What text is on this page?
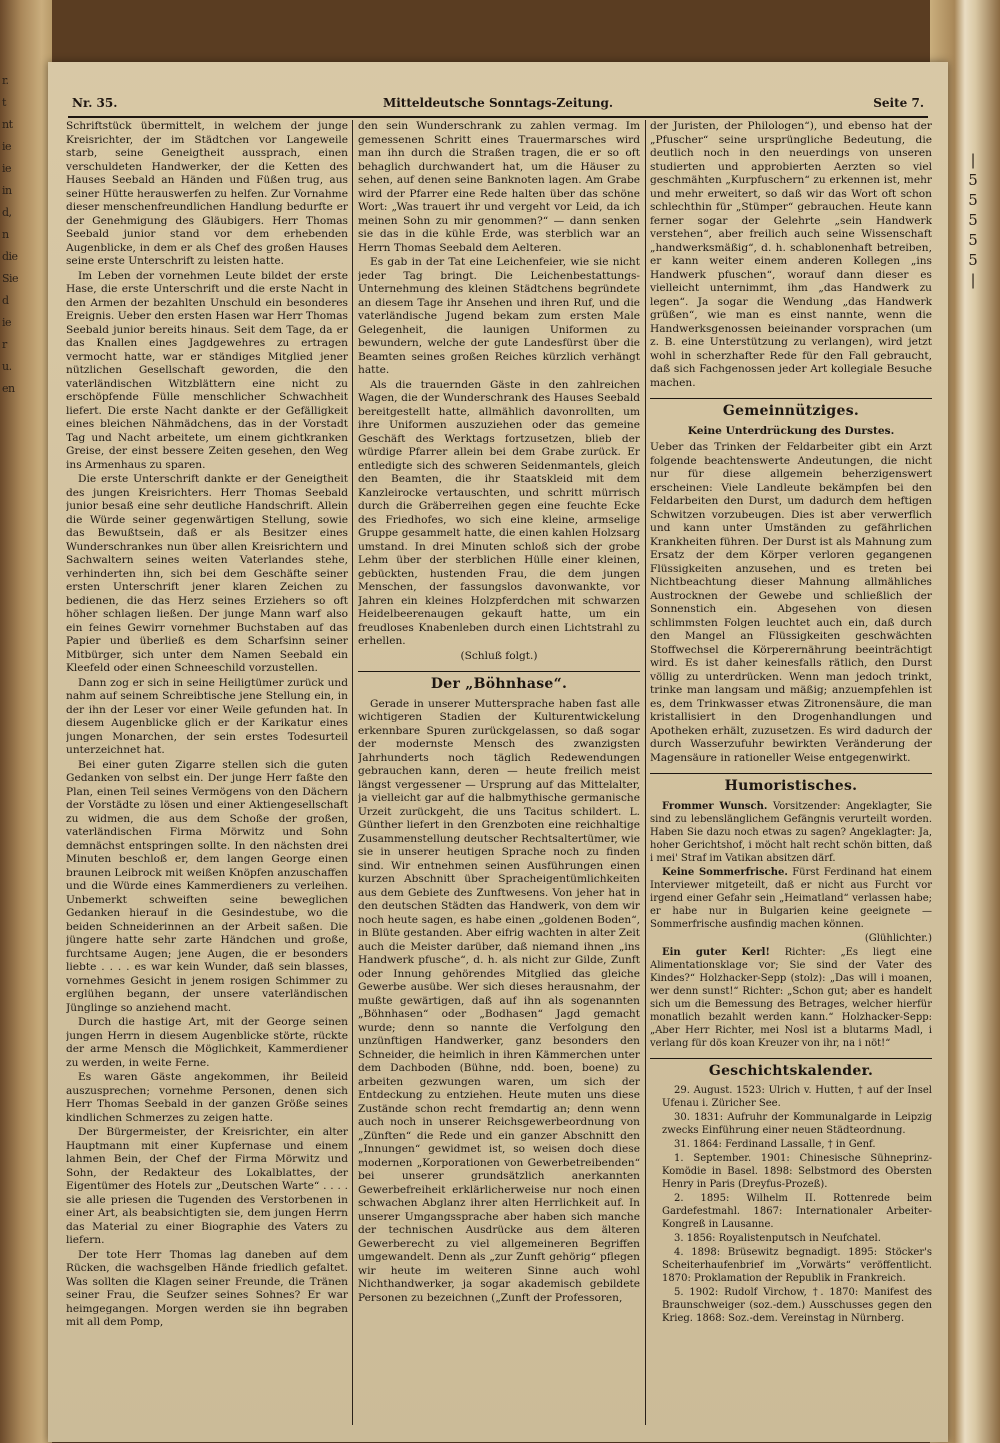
r.
t
nt
ie
ie
in
d,
n
die
Sie
d
ie
r
u.
en

|
5
5
5
5
5
|
Nr. 35.	Mitteldeutsche Sonntags-Zeitung.	Seite 7.

Schriftstück übermittelt, in welchem der junge Kreisrichter, der im Städtchen vor Langeweile starb, seine Geneigtheit aussprach, einen verschuldeten Handwerker, der die Ketten des Hauses Seebald an Händen und Füßen trug, aus seiner Hütte herauswerfen zu helfen. Zur Vornahme dieser menschenfreundlichen Handlung bedurfte er der Genehmigung des Gläubigers. Herr Thomas Seebald junior stand vor dem erhebenden Augenblicke, in dem er als Chef des großen Hauses seine erste Unterschrift zu leisten hatte.

Im Leben der vornehmen Leute bildet der erste Hase, die erste Unterschrift und die erste Nacht in den Armen der bezahlten Unschuld ein besonderes Ereignis. Ueber den ersten Hasen war Herr Thomas Seebald junior bereits hinaus. Seit dem Tage, da er das Knallen eines Jagdgewehres zu ertragen vermocht hatte, war er ständiges Mitglied jener nützlichen Gesellschaft geworden, die den vaterländischen Witzblättern eine nicht zu erschöpfende Fülle menschlicher Schwachheit liefert. Die erste Nacht dankte er der Gefälligkeit eines bleichen Nähmädchens, das in der Vorstadt Tag und Nacht arbeitete, um einem gichtkranken Greise, der einst bessere Zeiten gesehen, den Weg ins Armenhaus zu sparen.

Die erste Unterschrift dankte er der Geneigtheit des jungen Kreisrichters. Herr Thomas Seebald junior besaß eine sehr deutliche Handschrift. Allein die Würde seiner gegenwärtigen Stellung, sowie das Bewußtsein, daß er als Besitzer eines Wunderschrankes nun über allen Kreisrichtern und Sachwaltern seines weiten Vaterlandes stehe, verhinderten ihn, sich bei dem Geschäfte seiner ersten Unterschrift jener klaren Zeichen zu bedienen, die das Herz seines Erziehers so oft höher schlagen ließen. Der junge Mann warf also ein feines Gewirr vornehmer Buchstaben auf das Papier und überließ es dem Scharfsinn seiner Mitbürger, sich unter dem Namen Seebald ein Kleefeld oder einen Schneeschild vorzustellen.

Dann zog er sich in seine Heiligtümer zurück und nahm auf seinem Schreibtische jene Stellung ein, in der ihn der Leser vor einer Weile gefunden hat. In diesem Augenblicke glich er der Karikatur eines jungen Monarchen, der sein erstes Todesurteil unterzeichnet hat.

Bei einer guten Zigarre stellen sich die guten Gedanken von selbst ein. Der junge Herr faßte den Plan, einen Teil seines Vermögens von den Dächern der Vorstädte zu lösen und einer Aktiengesellschaft zu widmen, die aus dem Schoße der großen, vaterländischen Firma Mörwitz und Sohn demnächst entspringen sollte. In den nächsten drei Minuten beschloß er, dem langen George einen braunen Leibrock mit weißen Knöpfen anzuschaffen und die Würde eines Kammerdieners zu verleihen. Unbemerkt schweiften seine beweglichen Gedanken hierauf in die Gesindestube, wo die beiden Schneiderinnen an der Arbeit saßen. Die jüngere hatte sehr zarte Händchen und große, furchtsame Augen; jene Augen, die er besonders liebte . . . . es war kein Wunder, daß sein blasses, vornehmes Gesicht in jenem rosigen Schimmer zu erglühen begann, der unsere vaterländischen Jünglinge so anziehend macht.

Durch die hastige Art, mit der George seinen jungen Herrn in diesem Augenblicke störte, rückte der arme Mensch die Möglichkeit, Kammerdiener zu werden, in weite Ferne.

Es waren Gäste angekommen, ihr Beileid auszusprechen; vornehme Personen, denen sich Herr Thomas Seebald in der ganzen Größe seines kindlichen Schmerzes zu zeigen hatte.

Der Bürgermeister, der Kreisrichter, ein alter Hauptmann mit einer Kupfernase und einem lahmen Bein, der Chef der Firma Mörwitz und Sohn, der Redakteur des Lokalblattes, der Eigentümer des Hotels zur „Deutschen Warte“ . . . . sie alle priesen die Tugenden des Verstorbenen in einer Art, als beabsichtigten sie, dem jungen Herrn das Material zu einer Biographie des Vaters zu liefern.

Der tote Herr Thomas lag daneben auf dem Rücken, die wachsgelben Hände friedlich gefaltet. Was sollten die Klagen seiner Freunde, die Tränen seiner Frau, die Seufzer seines Sohnes? Er war heimgegangen. Morgen werden sie ihn begraben mit all dem Pomp,

den sein Wunderschrank zu zahlen vermag. Im gemessenen Schritt eines Trauermarsches wird man ihn durch die Straßen tragen, die er so oft behaglich durchwandert hat, um die Häuser zu sehen, auf denen seine Banknoten lagen. Am Grabe wird der Pfarrer eine Rede halten über das schöne Wort: „Was trauert ihr und vergeht vor Leid, da ich meinen Sohn zu mir genommen?“ — dann senken sie das in die kühle Erde, was sterblich war an Herrn Thomas Seebald dem Aelteren.

Es gab in der Tat eine Leichenfeier, wie sie nicht jeder Tag bringt. Die Leichenbestattungs-Unternehmung des kleinen Städtchens begründete an diesem Tage ihr Ansehen und ihren Ruf, und die vaterländische Jugend bekam zum ersten Male Gelegenheit, die launigen Uniformen zu bewundern, welche der gute Landesfürst über die Beamten seines großen Reiches kürzlich verhängt hatte.

Als die trauernden Gäste in den zahlreichen Wagen, die der Wunderschrank des Hauses Seebald bereitgestellt hatte, allmählich davonrollten, um ihre Uniformen auszuziehen oder das gemeine Geschäft des Werktags fortzusetzen, blieb der würdige Pfarrer allein bei dem Grabe zurück. Er entledigte sich des schweren Seidenmantels, gleich den Beamten, die ihr Staatskleid mit dem Kanzleirocke vertauschten, und schritt mürrisch durch die Gräberreihen gegen eine feuchte Ecke des Friedhofes, wo sich eine kleine, armselige Gruppe gesammelt hatte, die einen kahlen Holzsarg umstand. In drei Minuten schloß sich der grobe Lehm über der sterblichen Hülle einer kleinen, gebückten, hustenden Frau, die dem jungen Menschen, der fassungslos davonwankte, vor Jahren ein kleines Holzpferdchen mit schwarzen Heidelbeerenaugen gekauft hatte, um ein freudloses Knabenleben durch einen Lichtstrahl zu erhellen.

(Schluß folgt.)

Der „Böhnhase“.

Gerade in unserer Muttersprache haben fast alle wichtigeren Stadien der Kulturentwickelung erkennbare Spuren zurückgelassen, so daß sogar der modernste Mensch des zwanzigsten Jahrhunderts noch täglich Redewendungen gebrauchen kann, deren — heute freilich meist längst vergessener — Ursprung auf das Mittelalter, ja vielleicht gar auf die halbmythische germanische Urzeit zurückgeht, die uns Tacitus schildert. L. Günther liefert in den Grenzboten eine reichhaltige Zusammenstellung deutscher Rechtsaltertümer, wie sie in unserer heutigen Sprache noch zu finden sind. Wir entnehmen seinen Ausführungen einen kurzen Abschnitt über Spracheigentümlichkeiten aus dem Gebiete des Zunftwesens. Von jeher hat in den deutschen Städten das Handwerk, von dem wir noch heute sagen, es habe einen „goldenen Boden“, in Blüte gestanden. Aber eifrig wachten in alter Zeit auch die Meister darüber, daß niemand ihnen „ins Handwerk pfusche“, d. h. als nicht zur Gilde, Zunft oder Innung gehörendes Mitglied das gleiche Gewerbe ausübe. Wer sich dieses herausnahm, der mußte gewärtigen, daß auf ihn als sogenannten „Böhnhasen“ oder „Bodhasen“ Jagd gemacht wurde; denn so nannte die Verfolgung den unzünftigen Handwerker, ganz besonders den Schneider, die heimlich in ihren Kämmerchen unter dem Dachboden (Bühne, ndd. boen, boene) zu arbeiten gezwungen waren, um sich der Entdeckung zu entziehen. Heute muten uns diese Zustände schon recht fremdartig an; denn wenn auch noch in unserer Reichsgewerbeordnung von „Zünften“ die Rede und ein ganzer Abschnitt den „Innungen“ gewidmet ist, so weisen doch diese modernen „Korporationen von Gewerbetreibenden“ bei unserer grundsätzlich anerkannten Gewerbefreiheit erklärlicherweise nur noch einen schwachen Abglanz ihrer alten Herrlichkeit auf. In unserer Umgangssprache aber haben sich manche der technischen Ausdrücke aus dem älteren Gewerberecht zu viel allgemeineren Begriffen umgewandelt. Denn als „zur Zunft gehörig“ pflegen wir heute im weiteren Sinne auch wohl Nichthandwerker, ja sogar akademisch gebildete Personen zu bezeichnen („Zunft der Professoren,

der Juristen, der Philologen“), und ebenso hat der „Pfuscher“ seine ursprüngliche Bedeutung, die deutlich noch in den neuerdings von unseren studierten und approbierten Aerzten so viel geschmähten „Kurpfuschern“ zu erkennen ist, mehr und mehr erweitert, so daß wir das Wort oft schon schlechthin für „Stümper“ gebrauchen. Heute kann ferner sogar der Gelehrte „sein Handwerk verstehen“, aber freilich auch seine Wissenschaft „handwerksmäßig“, d. h. schablonenhaft betreiben, er kann weiter einem anderen Kollegen „ins Handwerk pfuschen“, worauf dann dieser es vielleicht unternimmt, ihm „das Handwerk zu legen“. Ja sogar die Wendung „das Handwerk grüßen“, wie man es einst nannte, wenn die Handwerksgenossen beieinander vorsprachen (um z. B. eine Unterstützung zu verlangen), wird jetzt wohl in scherzhafter Rede für den Fall gebraucht, daß sich Fachgenossen jeder Art kollegiale Besuche machen.

Gemeinnütziges.
Keine Unterdrückung des Durstes.

Ueber das Trinken der Feldarbeiter gibt ein Arzt folgende beachtenswerte Andeutungen, die nicht nur für diese allgemein beherzigenswert erscheinen: Viele Landleute bekämpfen bei den Feldarbeiten den Durst, um dadurch dem heftigen Schwitzen vorzubeugen. Dies ist aber verwerflich und kann unter Umständen zu gefährlichen Krankheiten führen. Der Durst ist als Mahnung zum Ersatz der dem Körper verloren gegangenen Flüssigkeiten anzusehen, und es treten bei Nichtbeachtung dieser Mahnung allmähliches Austrocknen der Gewebe und schließlich der Sonnenstich ein. Abgesehen von diesen schlimmsten Folgen leuchtet auch ein, daß durch den Mangel an Flüssigkeiten geschwächten Stoffwechsel die Körperernährung beeinträchtigt wird. Es ist daher keinesfalls rätlich, den Durst völlig zu unterdrücken. Wenn man jedoch trinkt, trinke man langsam und mäßig; anzuempfehlen ist es, dem Trinkwasser etwas Zitronensäure, die man kristallisiert in den Drogenhandlungen und Apotheken erhält, zuzusetzen. Es wird dadurch der durch Wasserzufuhr bewirkten Veränderung der Magensäure in rationeller Weise entgegenwirkt.

Humoristisches.

Frommer Wunsch. Vorsitzender: Angeklagter, Sie sind zu lebenslänglichem Gefängnis verurteilt worden. Haben Sie dazu noch etwas zu sagen? Angeklagter: Ja, hoher Gerichtshof, i möcht halt recht schön bitten, daß i mei' Straf im Vatikan absitzen därf.

Keine Sommerfrische. Fürst Ferdinand hat einem Interviewer mitgeteilt, daß er nicht aus Furcht vor irgend einer Gefahr sein „Heimatland“ verlassen habe; er habe nur in Bulgarien keine geeignete — Sommerfrische ausfindig machen können.

(Glühlichter.)

Ein guter Kerl! Richter: „Es liegt eine Alimentationsklage vor; Sie sind der Vater des Kindes?“ Holzhacker-Sepp (stolz): „Das will i moanen, wer denn sunst!“ Richter: „Schon gut; aber es handelt sich um die Bemessung des Betrages, welcher hierfür monatlich bezahlt werden kann.“ Holzhacker-Sepp: „Aber Herr Richter, mei Nosl ist a blutarms Madl, i verlang für dös koan Kreuzer von ihr, na i nöt!“

Geschichtskalender.

29. August. 1523: Ulrich v. Hutten, † auf der Insel Ufenau i. Züricher See.

30. 1831: Aufruhr der Kommunalgarde in Leipzig zwecks Einführung einer neuen Städteordnung.

31. 1864: Ferdinand Lassalle, † in Genf.

1. September. 1901: Chinesische Sühneprinz-Komödie in Basel. 1898: Selbstmord des Obersten Henry in Paris (Dreyfus-Prozeß).

2. 1895: Wilhelm II. Rottenrede beim Gardefestmahl. 1867: Internationaler Arbeiter-Kongreß in Lausanne.

3. 1856: Royalistenputsch in Neufchatel.

4. 1898: Brüsewitz begnadigt. 1895: Stöcker's Scheiterhaufenbrief im „Vorwärts“ veröffentlicht. 1870: Proklamation der Republik in Frankreich.

5. 1902: Rudolf Virchow, †. 1870: Manifest des Braunschweiger (soz.-dem.) Ausschusses gegen den Krieg. 1868: Soz.-dem. Vereinstag in Nürnberg.
